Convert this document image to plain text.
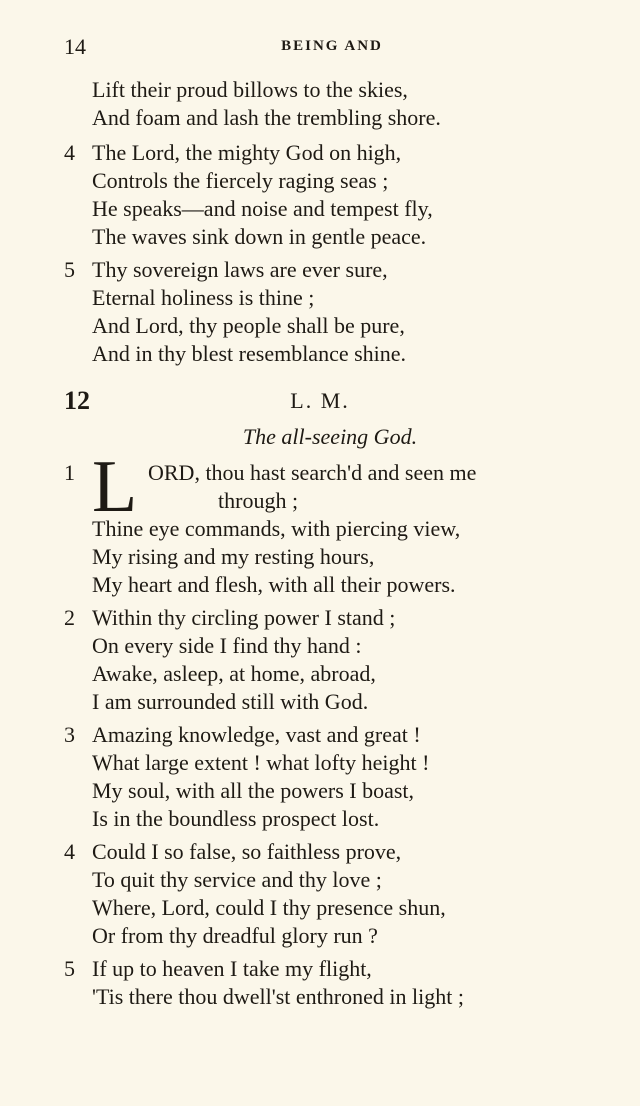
14	BEING AND
Lift their proud billows to the skies,
And foam and lash the trembling shore.
4 The Lord, the mighty God on high,
Controls the fiercely raging seas ;
He speaks—and noise and tempest fly,
The waves sink down in gentle peace.
5 Thy sovereign laws are ever sure,
Eternal holiness is thine ;
And Lord, thy people shall be pure,
And in thy blest resemblance shine.
12	L. M.
The all-seeing God.
1 L ORD, thou hast search'd and seen me
through ;
Thine eye commands, with piercing view,
My rising and my resting hours,
My heart and flesh, with all their powers.
2 Within thy circling power I stand ;
On every side I find thy hand :
Awake, asleep, at home, abroad,
I am surrounded still with God.
3 Amazing knowledge, vast and great !
What large extent ! what lofty height !
My soul, with all the powers I boast,
Is in the boundless prospect lost.
4 Could I so false, so faithless prove,
To quit thy service and thy love ;
Where, Lord, could I thy presence shun,
Or from thy dreadful glory run ?
5 If up to heaven I take my flight,
'Tis there thou dwell'st enthroned in light ;
